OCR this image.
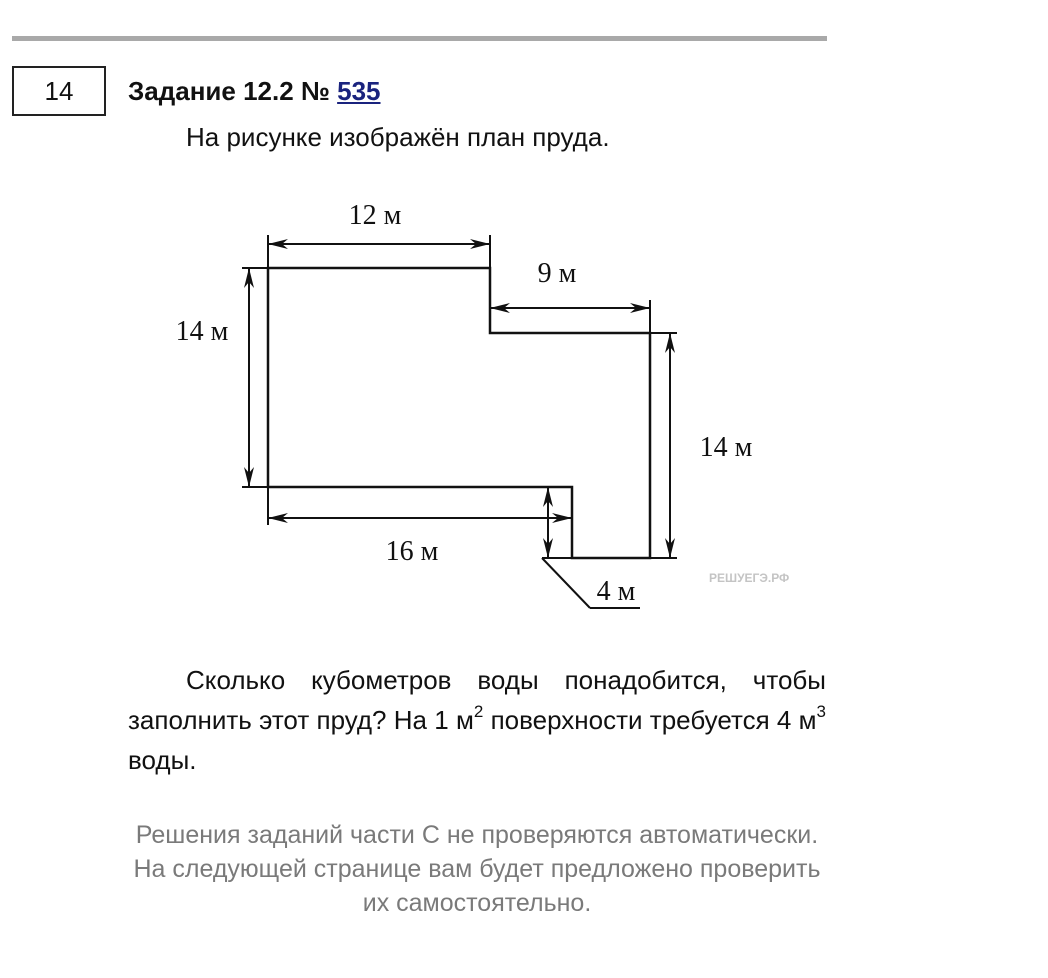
14 Задание 12.2 № 535
На рисунке изображён план пруда.
12 м
9 м
14 м
14 м
16 м
4 м	РЕШУЕГЭ.РФ
Сколько кубометров воды понадобится, чтобы заполнить этот пруд? На 1 $м^2$ поверхности требуется 4 $м^3$ воды.

Решения заданий части С не проверяются автоматически.

На следующей странице вам будет предложено проверить их самостоятельно.
